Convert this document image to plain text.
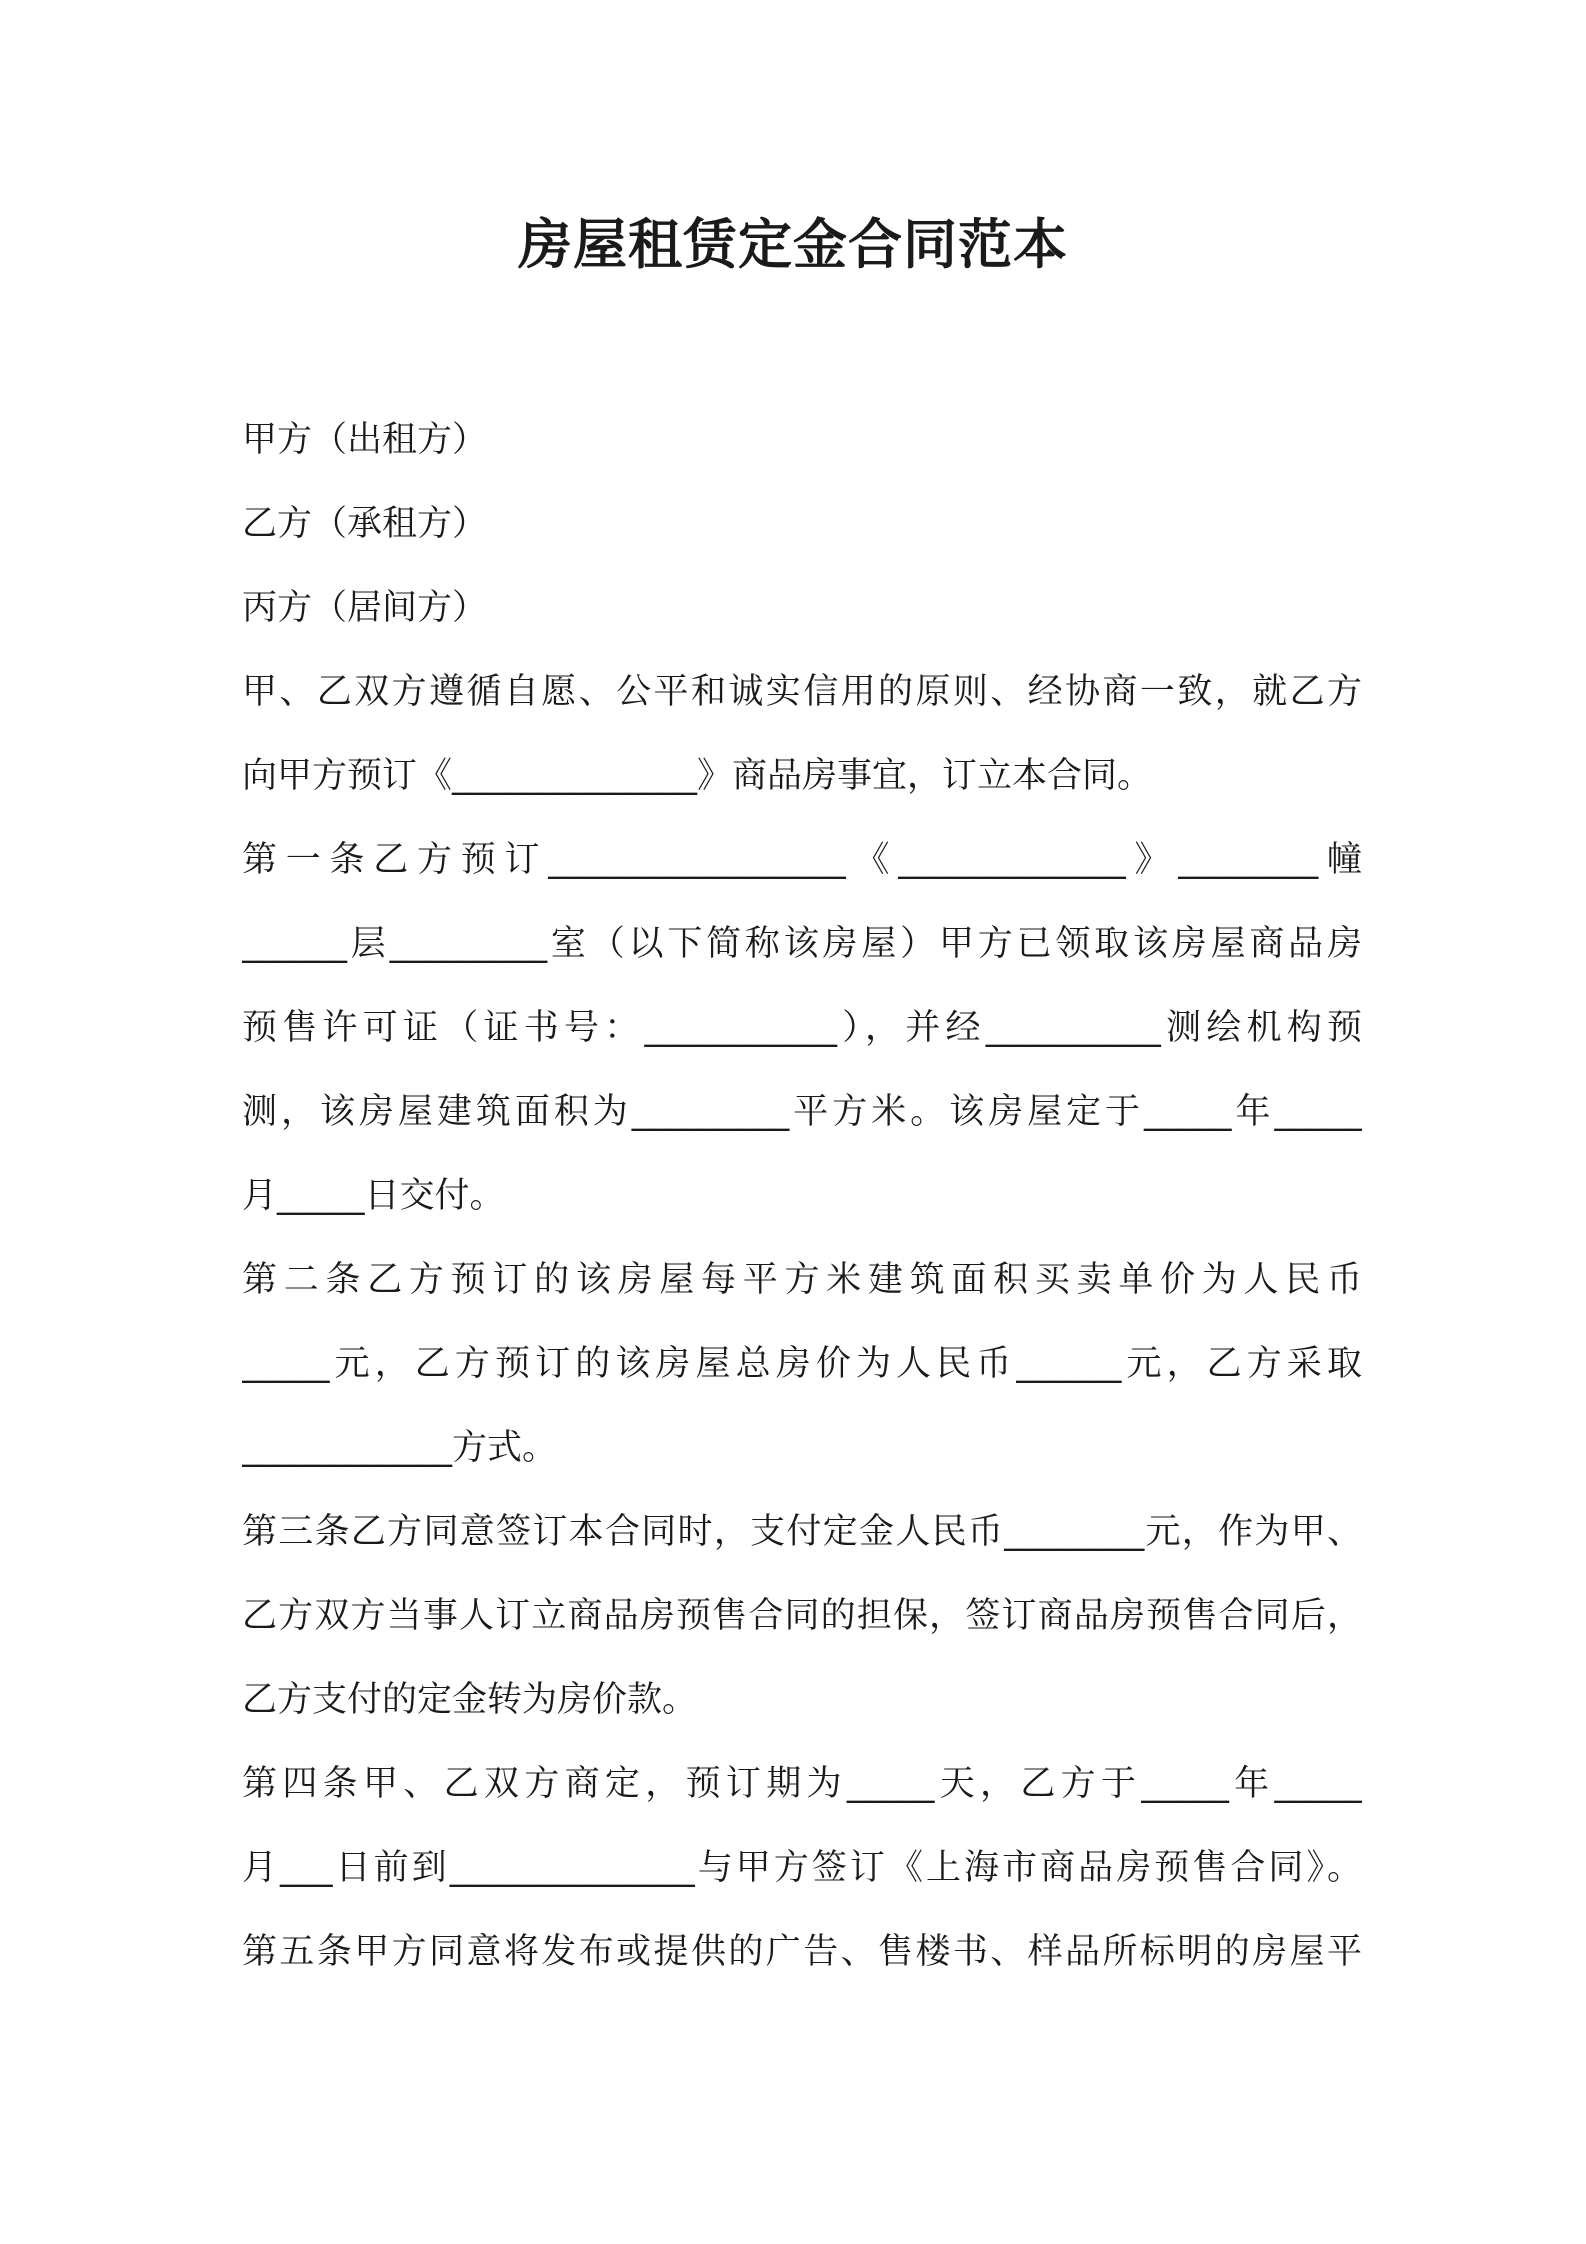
房屋租赁定金合同范本
甲方（出租方）
乙方（承租方）
丙方（居间方）
甲、乙双方遵循自愿、公平和诚实信用的原则、经协商一致，就乙方
向甲方预订《______________》商品房事宜，订立本合同。
第一条乙方预订_________________《_____________》________幢
______层_________室（以下简称该房屋）甲方已领取该房屋商品房
预售许可证（证书号：___________），并经__________测绘机构预
测，该房屋建筑面积为_________平方米。该房屋定于_____年_____
月_____日交付。
第二条乙方预订的该房屋每平方米建筑面积买卖单价为人民币
_____元，乙方预订的该房屋总房价为人民币______元，乙方采取
____________方式。
第三条乙方同意签订本合同时，支付定金人民币________元，作为甲、
乙方双方当事人订立商品房预售合同的担保，签订商品房预售合同后，
乙方支付的定金转为房价款。
第四条甲、乙双方商定，预订期为_____天，乙方于_____年_____
月___日前到______________与甲方签订《上海市商品房预售合同》。
第五条甲方同意将发布或提供的广告、售楼书、样品所标明的房屋平
